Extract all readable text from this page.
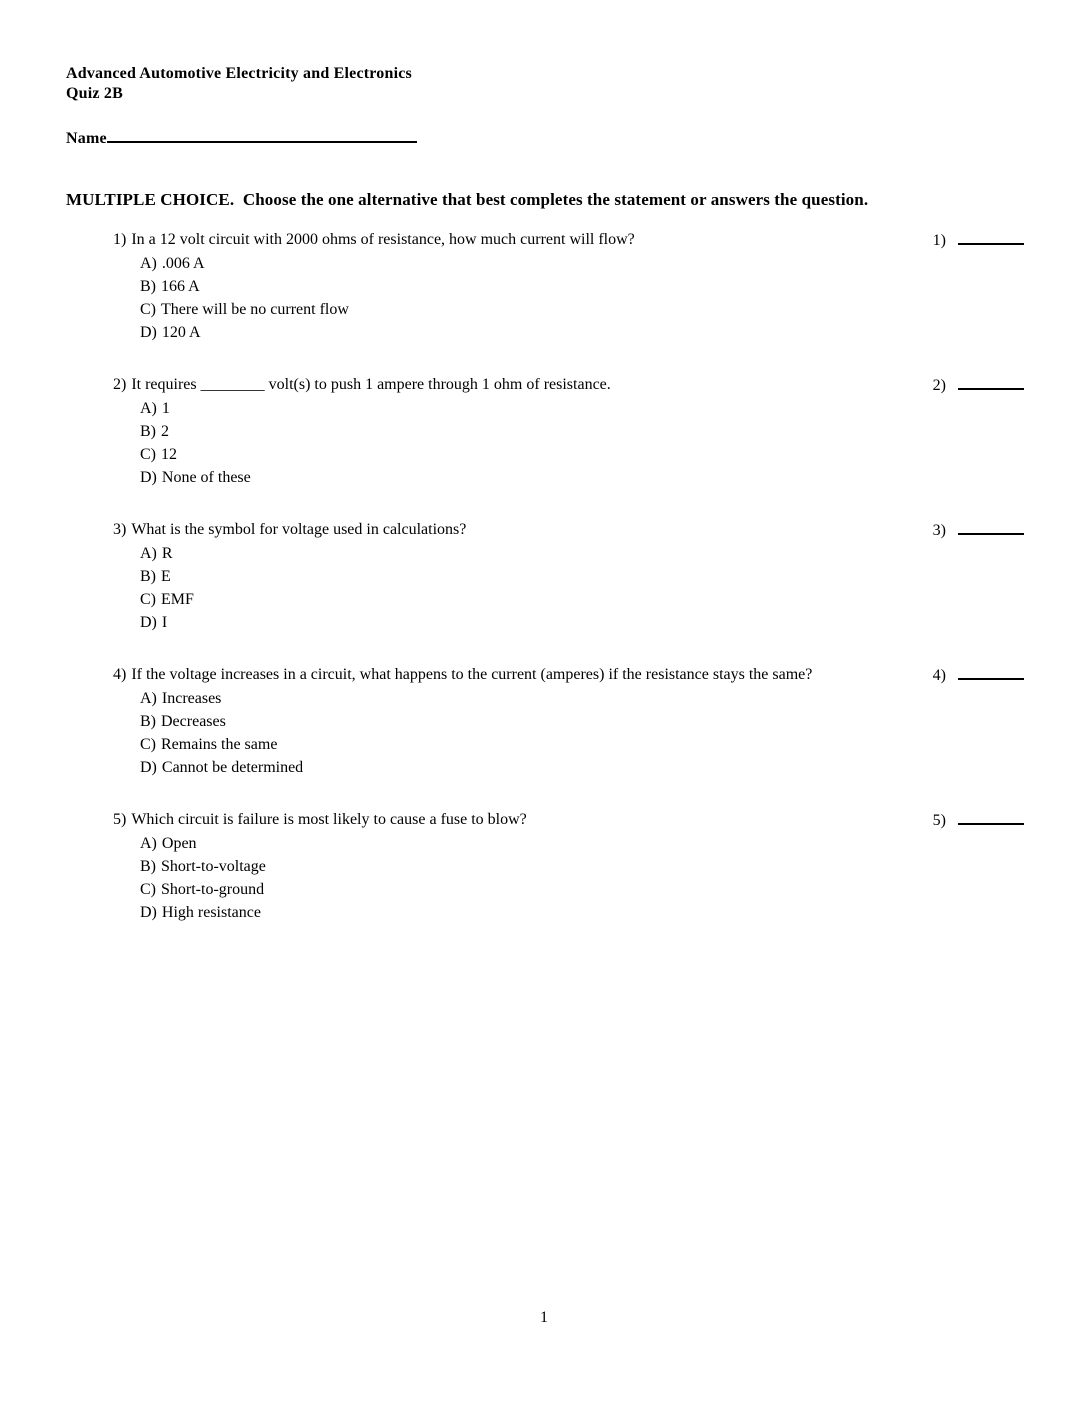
Advanced Automotive Electricity and Electronics
Quiz 2B
Name
MULTIPLE CHOICE.  Choose the one alternative that best completes the statement or answers the question.
1) In a 12 volt circuit with 2000 ohms of resistance, how much current will flow?	1)
A) .006 A
B) 166 A
C) There will be no current flow
D) 120 A
2) It requires ________ volt(s) to push 1 ampere through 1 ohm of resistance.	2)
A) 1
B) 2
C) 12
D) None of these
3) What is the symbol for voltage used in calculations?	3)
A) R
B) E
C) EMF
D) I
4) If the voltage increases in a circuit, what happens to the current (amperes) if the resistance stays the same?	4)
A) Increases
B) Decreases
C) Remains the same
D) Cannot be determined
5) Which circuit is failure is most likely to cause a fuse to blow?	5)
A) Open
B) Short-to-voltage
C) Short-to-ground
D) High resistance
1
